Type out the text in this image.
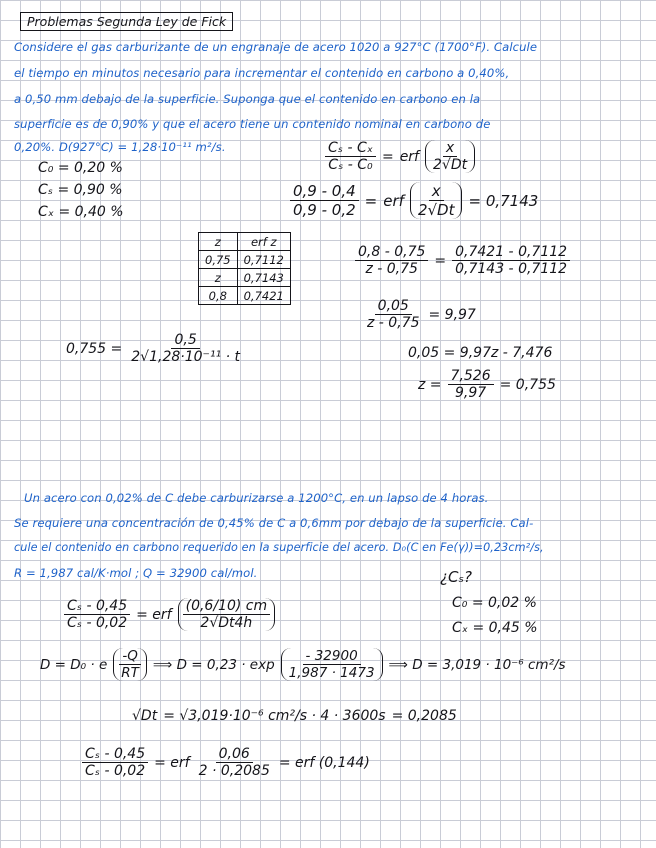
Problemas Segunda Ley de Fick
Considere el gas carburizante de un engranaje de acero 1020 a 927°C (1700°F). Calcule
el tiempo en minutos necesario para incrementar el contenido en carbono a 0,40%,
a 0,50 mm debajo de la superficie. Suponga que el contenido en carbono en la
superficie es de 0,90% y que el acero tiene un contenido nominal en carbono de
0,20%. D(927°C) = 1,28·10⁻¹¹ m²/s.
C₀ = 0,20 %
Cₛ = 0,90 %
Cₓ = 0,40 %
$\frac{\text{Cₛ - Cₓ}}{\text{Cₛ - C₀}}$ = erf $\frac{x}{2√Dt}$
$\frac{0,9 - 0,4}{0,9 - 0,2}$ = erf $\frac{x}{2√Dt} = 0,7143$
z	erf z
0,75	0,7112
z	0,7143
0,8	0,7421
$\frac{0,8 - 0,75}{z - 0,75} = \frac{0,7421 - 0,7112}{0,7143 - 0,7112}$
$\frac{0,05}{z - 0,75} = 9,97$
0,05 = 9,97z - 7,476
$z = \frac{7,526}{9,97} = 0,755$
$0,755 = \frac{0,5}{\text{2√1,28·10⁻¹¹ · t}}$
Un acero con 0,02% de C debe carburizarse a 1200°C, en un lapso de 4 horas.
Se requiere una concentración de 0,45% de C a 0,6mm por debajo de la superficie. Cal-
cule el contenido en carbono requerido en la superficie del acero. D₀(C en Fe(γ))=0,23cm²/s,
R = 1,987 cal/K·mol ; Q = 32900 cal/mol.	¿Cₛ?
C₀ = 0,02 %
Cₓ = 0,45 %
$\frac{\text{Cₛ - 0,45}}{\text{Cₛ - 0,02}}$ = erf $\frac{(0,6/10) cm}{2√Dt4h}$
D = D₀ · e $\frac{-Q}{RT}$ ⟹ $D = 0,23 \cdot \exp \frac{- 32900}{1,987 \cdot 1473}$ ⟹ D = 3,019 · 10⁻⁶ cm²/s
√Dt = √3,019·10⁻⁶ cm²/s · 4 · 3600s = 0,2085
$\frac{\text{Cₛ - 0,45}}{\text{Cₛ - 0,02}}$ = erf $\frac{0,06}{2 \cdot 0,2085}$ = erf (0,144)
